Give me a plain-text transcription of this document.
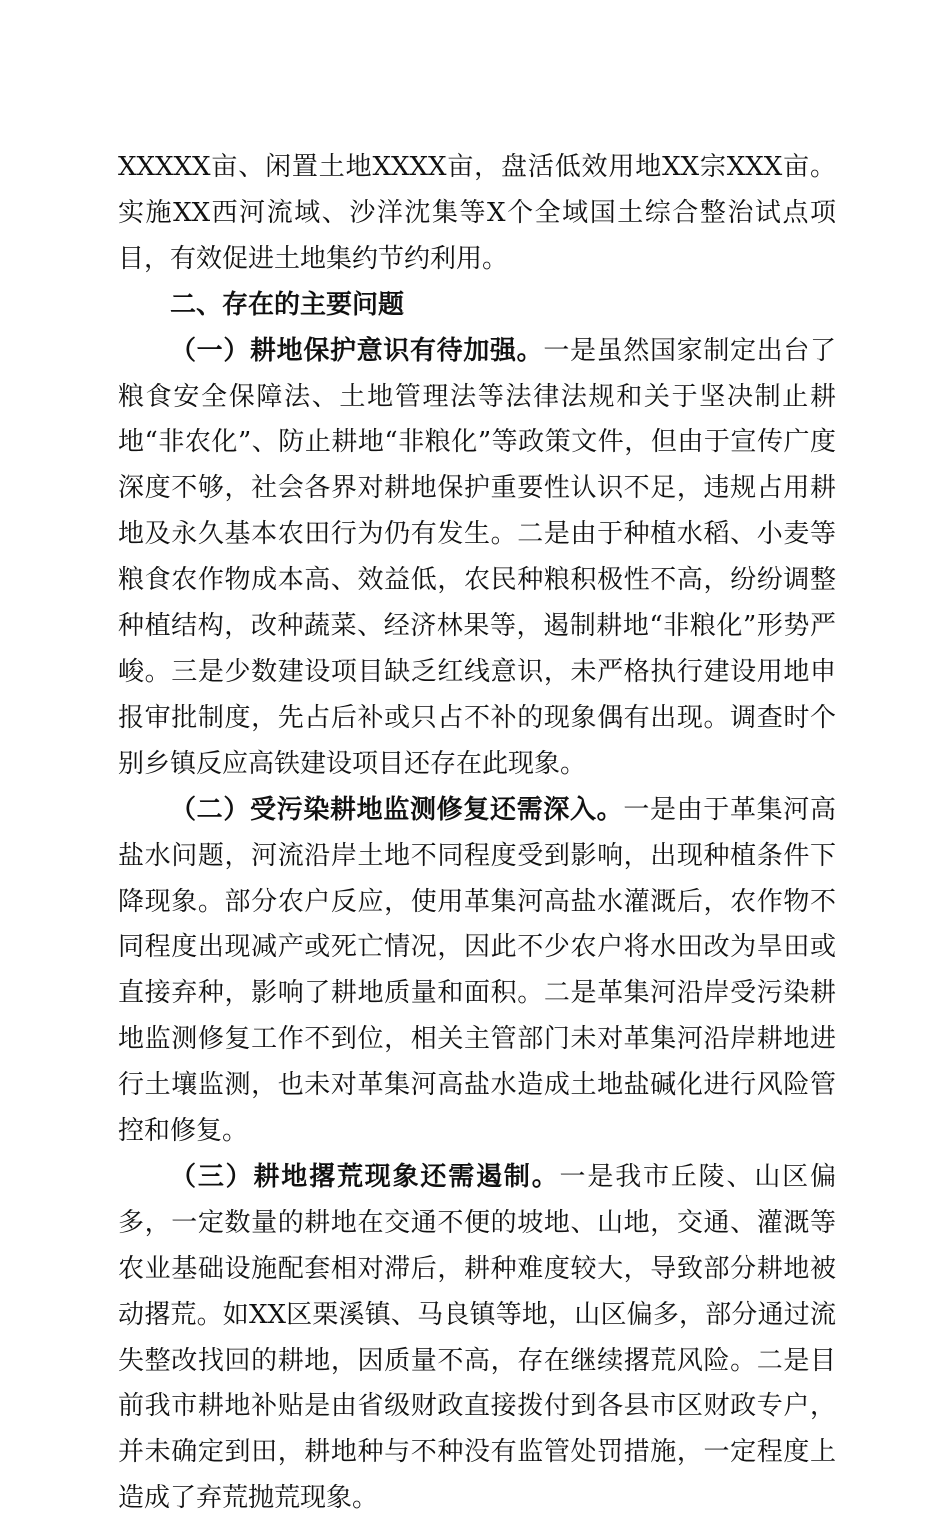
XXXXX亩、闲置土地XXXX亩，盘活低效用地XX宗XXX亩。实施XX西河流域、沙洋沈集等X个全域国土综合整治试点项目，有效促进土地集约节约利用。

二、存在的主要问题

（一）耕地保护意识有待加强。一是虽然国家制定出台了粮食安全保障法、土地管理法等法律法规和关于坚决制止耕地“非农化”、防止耕地“非粮化”等政策文件，但由于宣传广度深度不够，社会各界对耕地保护重要性认识不足，违规占用耕地及永久基本农田行为仍有发生。二是由于种植水稻、小麦等粮食农作物成本高、效益低，农民种粮积极性不高，纷纷调整种植结构，改种蔬菜、经济林果等，遏制耕地“非粮化”形势严峻。三是少数建设项目缺乏红线意识，未严格执行建设用地申报审批制度，先占后补或只占不补的现象偶有出现。调查时个别乡镇反应高铁建设项目还存在此现象。

（二）受污染耕地监测修复还需深入。一是由于革集河高盐水问题，河流沿岸土地不同程度受到影响，出现种植条件下降现象。部分农户反应，使用革集河高盐水灌溉后，农作物不同程度出现减产或死亡情况，因此不少农户将水田改为旱田或直接弃种，影响了耕地质量和面积。二是革集河沿岸受污染耕地监测修复工作不到位，相关主管部门未对革集河沿岸耕地进行土壤监测，也未对革集河高盐水造成土地盐碱化进行风险管控和修复。

（三）耕地撂荒现象还需遏制。一是我市丘陵、山区偏多，一定数量的耕地在交通不便的坡地、山地，交通、灌溉等农业基础设施配套相对滞后，耕种难度较大，导致部分耕地被动撂荒。如XX区栗溪镇、马良镇等地，山区偏多，部分通过流失整改找回的耕地，因质量不高，存在继续撂荒风险。二是目前我市耕地补贴是由省级财政直接拨付到各县市区财政专户，并未确定到田，耕地种与不种没有监管处罚措施，一定程度上造成了弃荒抛荒现象。
